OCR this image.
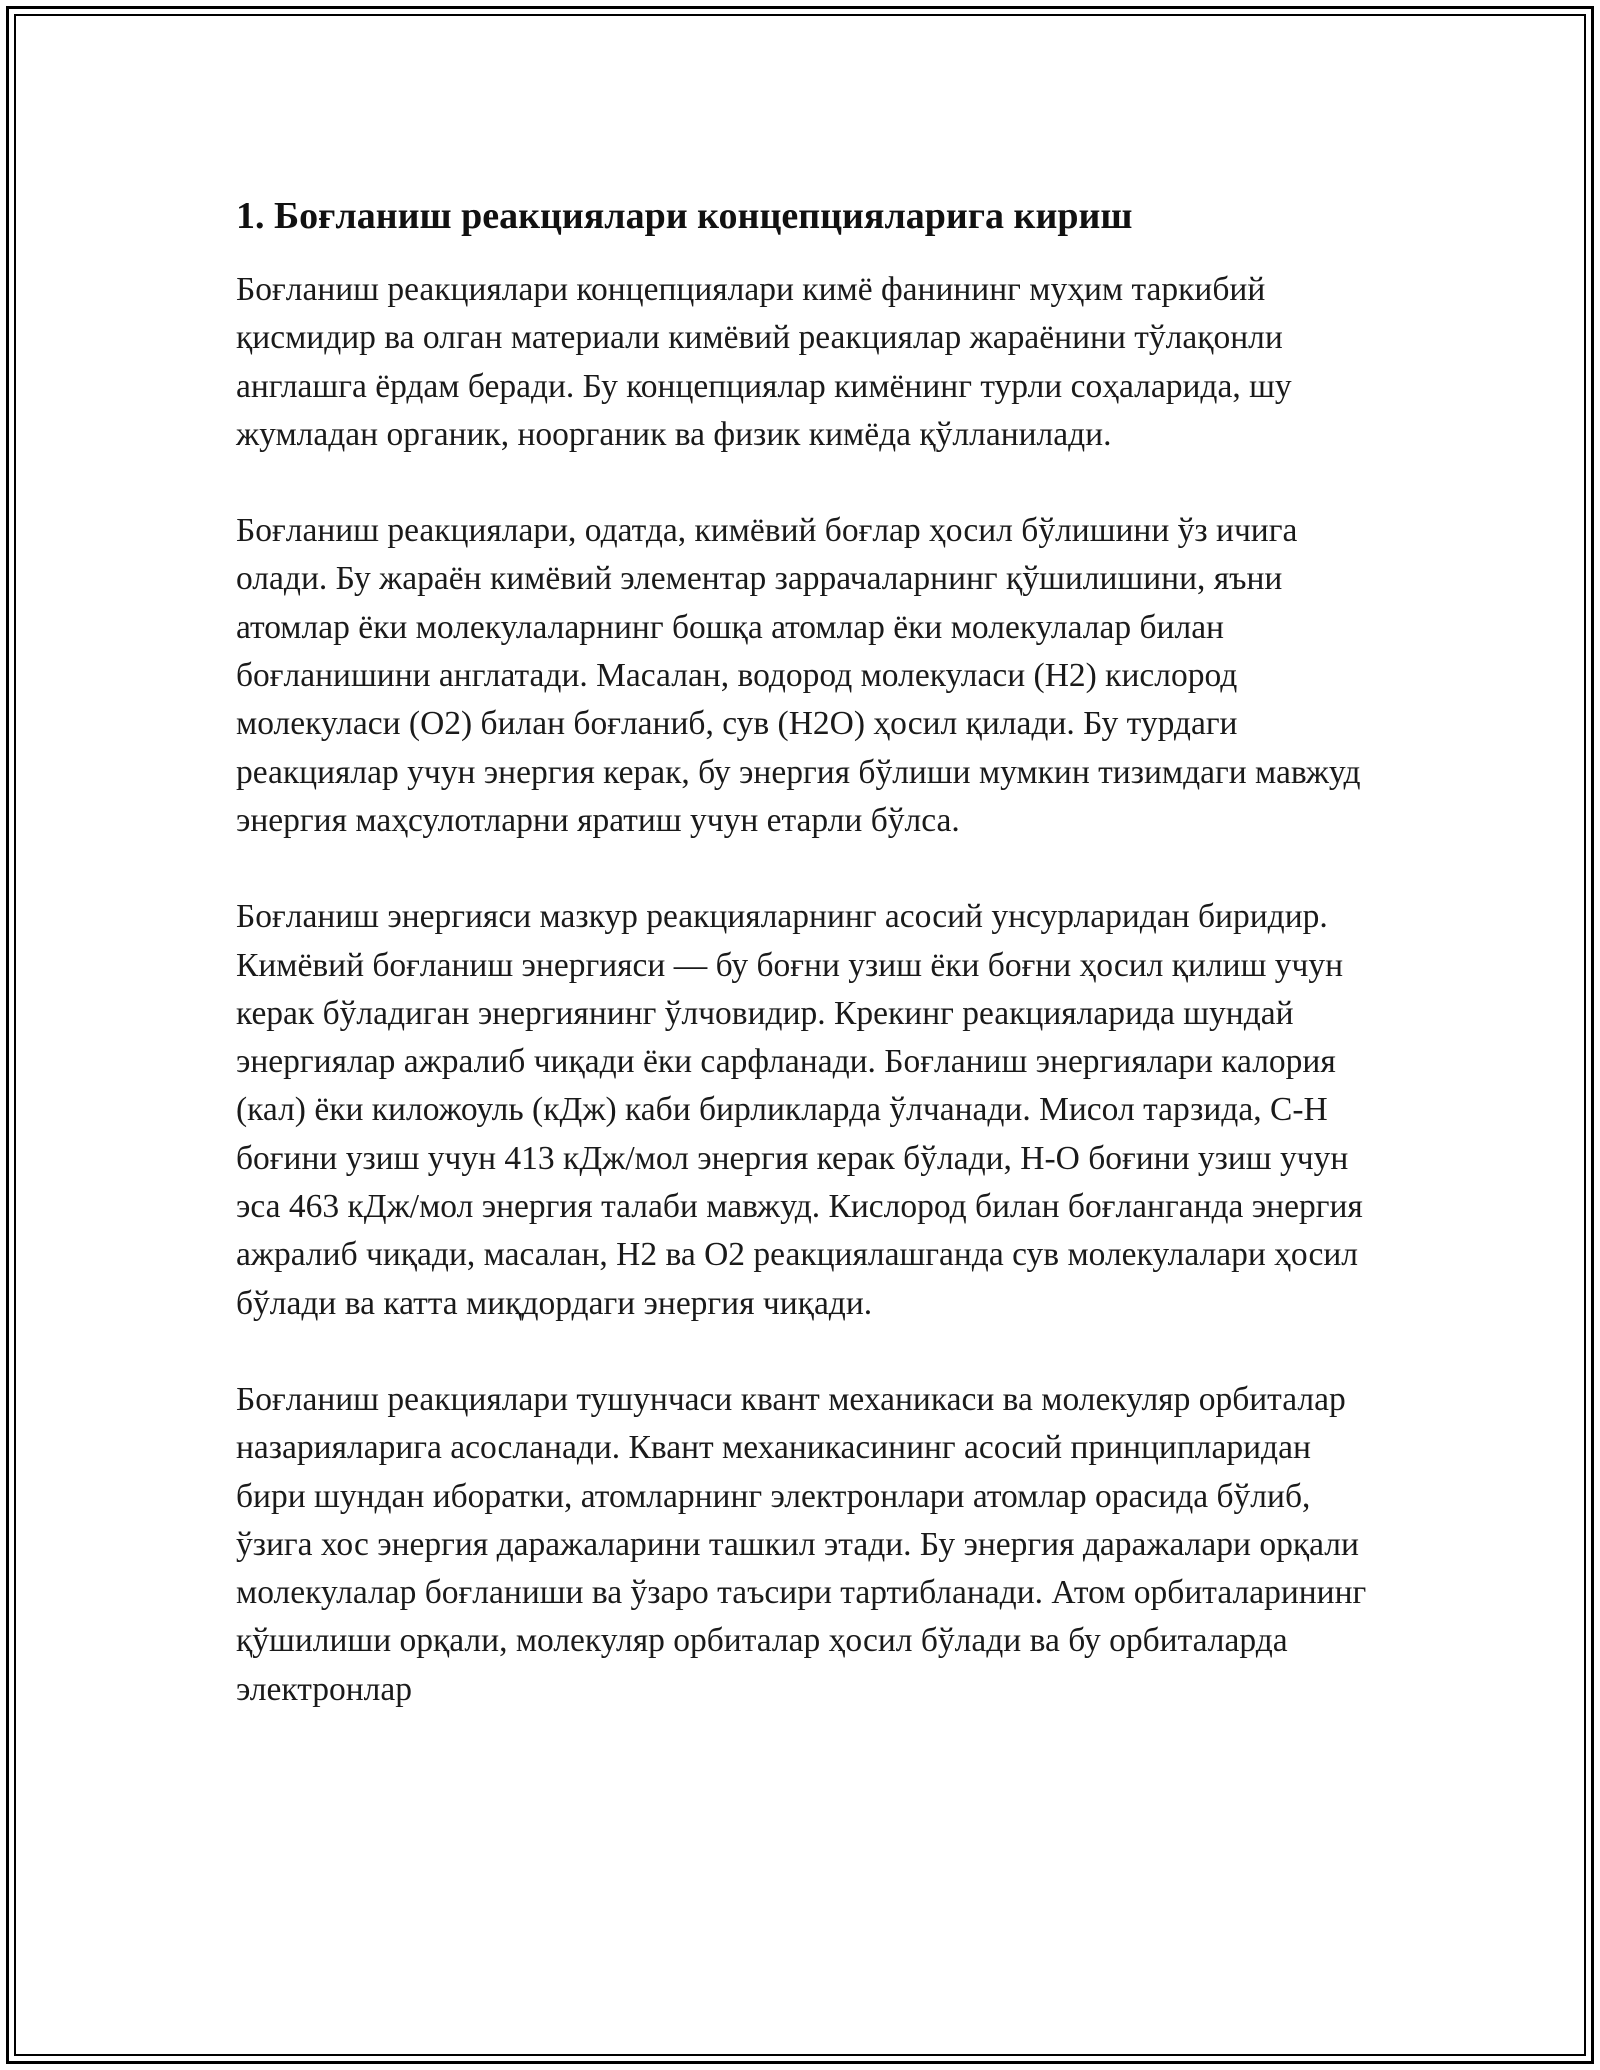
1. Боғланиш реакциялари концепцияларига кириш

Боғланиш реакциялари концепциялари кимё фанининг муҳим таркибий қисмидир ва олган материали кимёвий реакциялар жараёнини тўлақонли англашга ёрдам беради. Бу концепциялар кимёнинг турли соҳаларида, шу жумладан органик, ноорганик ва физик кимёда қўлланилади.

Боғланиш реакциялари, одатда, кимёвий боғлар ҳосил бўлишини ўз ичига олади. Бу жараён кимёвий элементар заррачаларнинг қўшилишини, яъни атомлар ёки молекулаларнинг бошқа атомлар ёки молекулалар билан боғланишини англатади. Масалан, водород молекуласи (H2) кислород молекуласи (O2) билан боғланиб, сув (H2O) ҳосил қилади. Бу турдаги реакциялар учун энергия керак, бу энергия бўлиши мумкин тизимдаги мавжуд энергия маҳсулотларни яратиш учун етарли бўлса.

Боғланиш энергияси мазкур реакцияларнинг асосий унсурларидан биридир. Кимёвий боғланиш энергияси — бу боғни узиш ёки боғни ҳосил қилиш учун керак бўладиган энергиянинг ўлчовидир. Крекинг реакцияларида шундай энергиялар ажралиб чиқади ёки сарфланади. Боғланиш энергиялари калория (кал) ёки киложоуль (кДж) каби бирликларда ўлчанади. Мисол тарзида, C-H боғини узиш учун 413 кДж/мол энергия керак бўлади, H-O боғини узиш учун эса 463 кДж/мол энергия талаби мавжуд. Кислород билан боғланганда энергия ажралиб чиқади, масалан, H2 ва O2 реакциялашганда сув молекулалари ҳосил бўлади ва катта миқдордаги энергия чиқади.

Боғланиш реакциялари тушунчаси квант механикаси ва молекуляр орбиталар назарияларига асосланади. Квант механикасининг асосий принципларидан бири шундан иборатки, атомларнинг электронлари атомлар орасида бўлиб, ўзига хос энергия даражаларини ташкил этади. Бу энергия даражалари орқали молекулалар боғланиши ва ўзаро таъсири тартибланади. Атом орбиталарининг қўшилиши орқали, молекуляр орбиталар ҳосил бўлади ва бу орбиталарда электронлар
